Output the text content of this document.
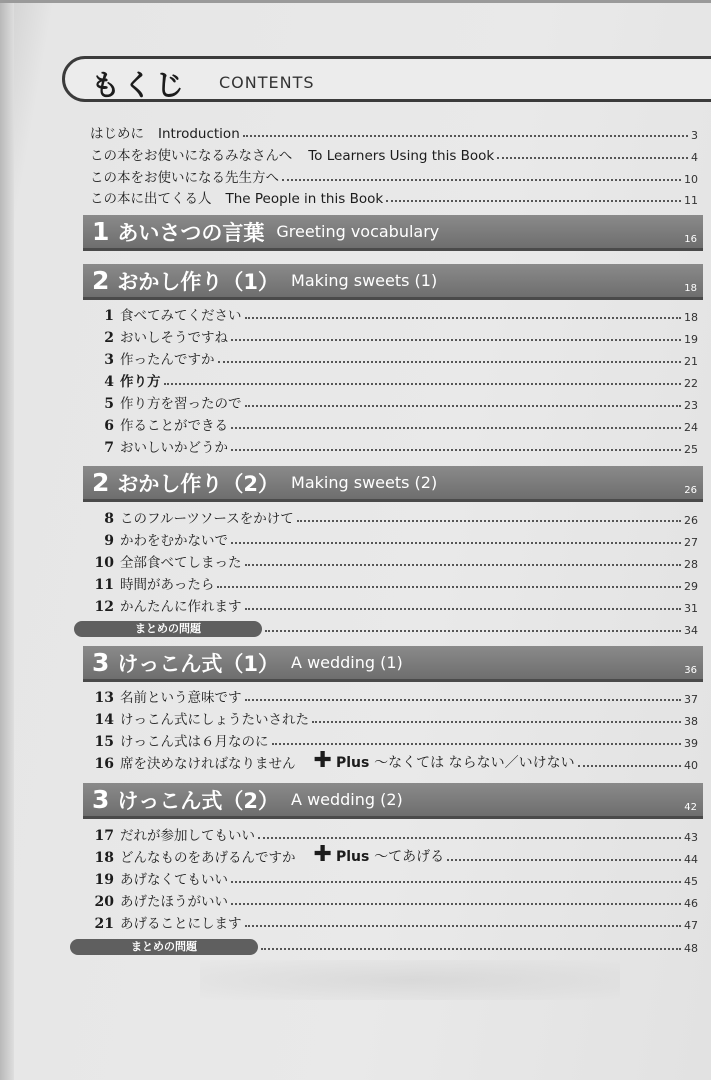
もくじ CONTENTS
はじめに Introduction	3
この本をお使いになるみなさんへ To Learners Using this Book	4
この本をお使いになる先生方へ	10
この本に出てくる人 The People in this Book	11
1 あいさつの言葉 Greeting vocabulary	16
2 おかし作り（1） Making sweets (1)	18
1 食べてみてください	18
2 おいしそうですね	19
3 作ったんですか	21
4 作り方	22
5 作り方を習ったので	23
6 作ることができる	24
7 おいしいかどうか	25
2 おかし作り（2） Making sweets (2)	26
8 このフルーツソースをかけて	26
9 かわをむかないで	27
10 全部食べてしまった	28
11 時間があったら	29
12 かんたんに作れます	31
まとめの問題	34
3 けっこん式（1） A wedding (1)	36
13 名前という意味です	37
14 けっこん式にしょうたいされた	38
15 けっこん式は６月なのに	39
16 席を決めなければなりません ✚ Plus ～なくては ならない／いけない	40
3 けっこん式（2） A wedding (2)	42
17 だれが参加してもいい	43
18 どんなものをあげるんですか ✚ Plus ～てあげる	44
19 あげなくてもいい	45
20 あげたほうがいい	46
21 あげることにします	47
まとめの問題	48
